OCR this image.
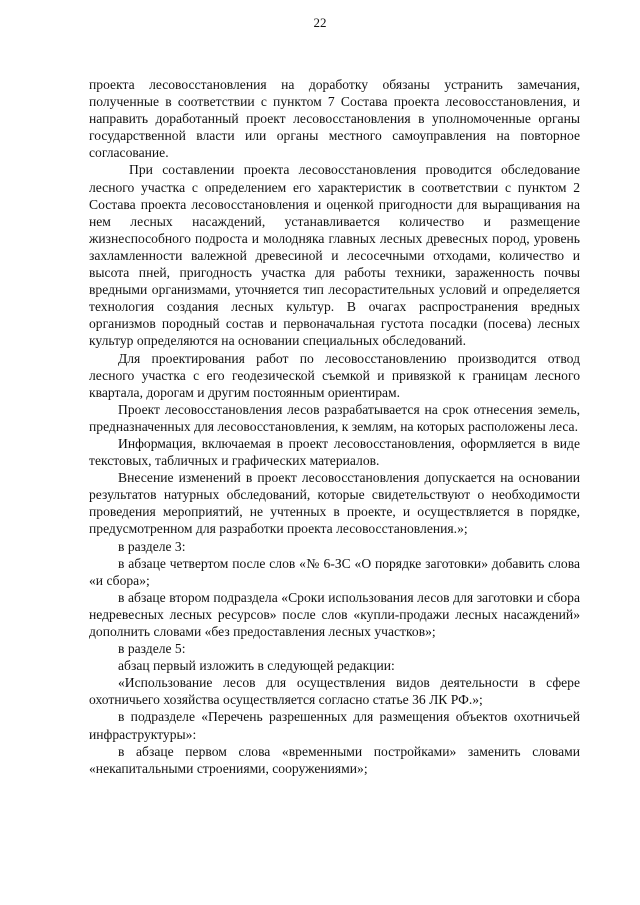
22

проекта лесовосстановления на доработку обязаны устранить замечания, полученные в соответствии с пунктом 7 Состава проекта лесовосстановления, и направить доработанный проект лесовосстановления в уполномоченные органы государственной власти или органы местного самоуправления на повторное согласование.

При составлении проекта лесовосстановления проводится обследование лесного участка с определением его характеристик в соответствии с пунктом 2 Состава проекта лесовосстановления и оценкой пригодности для выращивания на нем лесных насаждений, устанавливается количество и размещение жизнеспособного подроста и молодняка главных лесных древесных пород, уровень захламленности валежной древесиной и лесосечными отходами, количество и высота пней, пригодность участка для работы техники, зараженность почвы вредными организмами, уточняется тип лесорастительных условий и определяется технология создания лесных культур. В очагах распространения вредных организмов породный состав и первоначальная густота посадки (посева) лесных культур определяются на основании специальных обследований.

Для проектирования работ по лесовосстановлению производится отвод лесного участка с его геодезической съемкой и привязкой к границам лесного квартала, дорогам и другим постоянным ориентирам.

Проект лесовосстановления лесов разрабатывается на срок отнесения земель, предназначенных для лесовосстановления, к землям, на которых расположены леса.

Информация, включаемая в проект лесовосстановления, оформляется в виде текстовых, табличных и графических материалов.

Внесение изменений в проект лесовосстановления допускается на основании результатов натурных обследований, которые свидетельствуют о необходимости проведения мероприятий, не учтенных в проекте, и осуществляется в порядке, предусмотренном для разработки проекта лесовосстановления.»;

в разделе 3:

в абзаце четвертом после слов «№ 6-ЗС «О порядке заготовки» добавить слова «и сбора»;

в абзаце втором подраздела «Сроки использования лесов для заготовки и сбора недревесных лесных ресурсов» после слов «купли-продажи лесных насаждений» дополнить словами «без предоставления лесных участков»;

в разделе 5:

абзац первый изложить в следующей редакции:

«Использование лесов для осуществления видов деятельности в сфере охотничьего хозяйства осуществляется согласно статье 36 ЛК РФ.»;

в подразделе «Перечень разрешенных для размещения объектов охотничьей инфраструктуры»:

в абзаце первом слова «временными постройками» заменить словами «некапитальными строениями, сооружениями»;
